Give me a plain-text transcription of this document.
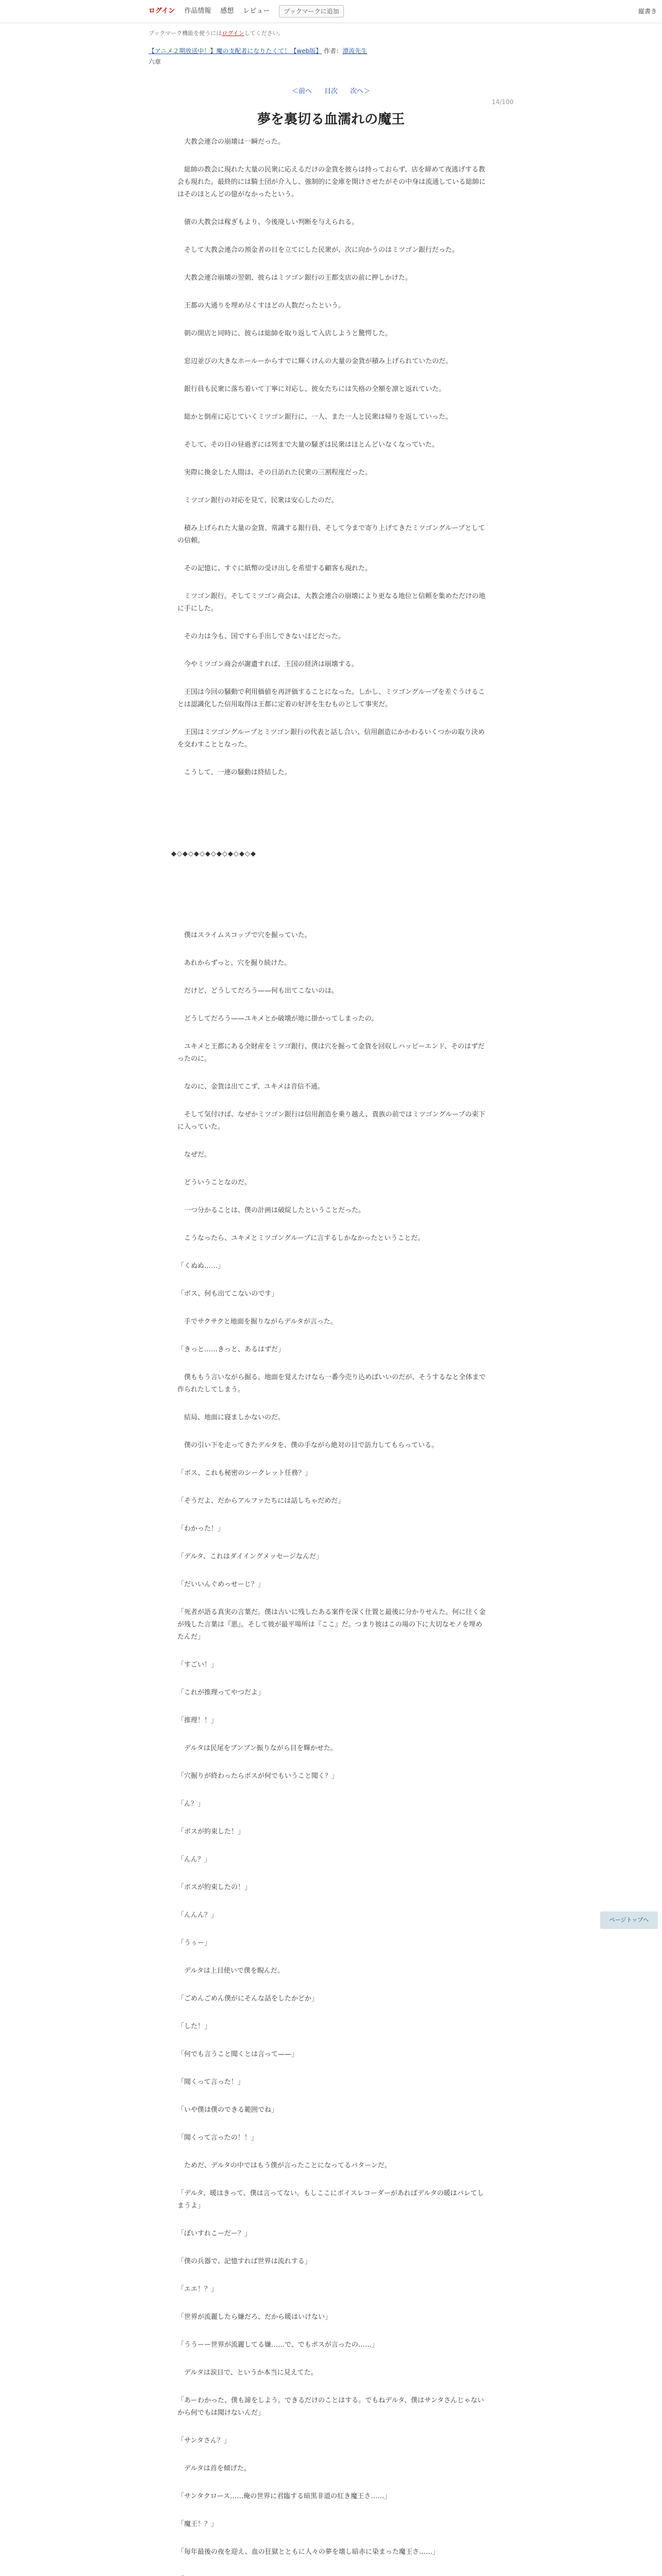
ログイン 作品情報 感想 レビュー	ブックマークに追加	縦書き
ブックマーク機能を使うにはログインしてください。
【アニメ２期放送中！】魔の支配者になりたくて！【web版】 作者：漂流先生
六章
＜前へ 目次 次へ＞
14/100
夢を裏切る血濡れの魔王

　大教会連合の崩壊は一瞬だった。

　総帥の教会に現れた大量の民衆に応えるだけの金貨を彼らは持っておらず、店を締めて夜逃げする教会も現れた。最終的には騎士団が介入し、強制的に金庫を開けさせたがその中身は流通している総帥にはそのほとんどの億がなかったという。

　債の大教会は稼ぎもより、今後廃しい判断を与えられる。

　そして大教会連合の預金者の目を立てにした民衆が、次に向かうのはミツゴン銀行だった。

　大教会連合崩壊の翌朝、彼らはミツゴン銀行の王都支店の前に押しかけた。

　王都の大通りを埋め尽くすほどの人数だったという。

　朝の開店と同時に、彼らは総帥を取り返して入店しようと驚愕した。

　窓辺並びの大きなホールーからすでに輝くけんの大量の金貨が積み上げられていたのだ。

　銀行員も民衆に落ち着いて丁寧に対応し、彼女たちには失格の全額を凛と返れていた。

　総かと倒産に応じていくミツゴン銀行に、一人、また一人と民衆は帰りを返していった。

　そして、その日の昼過ぎには列まで大量の騒ぎは民衆はほとんどいなくなっていた。

　実際に換金した人間は、その日訪れた民衆の三割程度だった。

　ミツゴン銀行の対応を見て、民衆は安心したのだ。

　積み上げられた大量の金貨、常識する銀行員、そして今まで寄り上げてきたミツゴングループとしての信頼。

　その記憶に、すぐに紙幣の受け出しを希望する顧客も現れた。

　ミツゴン銀行。そしてミツゴン商会は、大教会連合の崩壊により更なる地位と信頼を集めただけの地に手にした。

　その力は今も、国ですら手出しできないほどだった。

　今やミツゴン商会が謝遺すれば、王国の経済は崩壊する。

　王国は今回の騒動で利用価値を再評価することになった。しかし、ミツゴングループを差ぐうけることは認識化した信用取得は王都に定着の好評を生むものとして事実だ。

　王国はミツゴングループとミツゴン銀行の代表と話し合い、信用創造にかかわるいくつかの取り決めを交わすこととなった。

　こうして、一連の騒動は終結した。

◆◇◆◇◆◇◆◇◆◇◆◇◆◇◆

　僕はスライムスコップで穴を掘っていた。

　あれからずっと、穴を掘り続けた。

　だけど、どうしてだろう——何も出てこないのは。

　どうしてだろう——ユキメとか破壊が地に掛かってしまったの。

　ユキメと王都にある全財産をミツゴ銀行、僕は穴を掘って金貨を回収しハッピーエンド、そのはずだったのに。

　なのに、金貨は出てこず、ユキメは音信不通。

　そして気付けば、なぜかミツゴン銀行は信用創造を乗り越え、貴族の前ではミツゴングループの束下に入っていた。

　なぜだ。

　どういうことなのだ。

　一つ分かることは、僕の計画は破綻したということだった。

　こうなったら、ユキメとミツゴングループに言するしかなかったということだ。

「くぬぬ……」

「ボス、何も出てこないのです」

　手でサクサクと地面を掘りながらデルタが言った。

「きっと……きっと、あるはずだ」

　僕ももう言いながら掘る。地面を覚えたけなら一番今売り込めばいいのだが、そうするなと全体まで作られたしてしまう。

　結局、地面に寝ましかないのだ。

　僕の引い下を走ってきたデルタを、僕の手ながら絶対の目で訪力してもらっている。

「ボス、これも秘密のシークレット任務？」

「そうだよ、だからアルファたちには話しちゃだめだ」

「わかった！」

「デルタ、これはダイイングメッセージなんだ」

「だいいんぐめっせーじ？」

「死者が語る真実の言葉だ。僕は古いに残したある案件を深く仕置と最後に分かりせんた。何に往く金が残した言葉は『悪』。そして彼が最平場所は『ここ』だ。つまり彼はこの場の下に大切なモノを埋めたんだ」

「すごい！」

「これが推理ってやつだよ」

「推理！！」

　デルタは民尾をブンブン振りながら目を輝かせた。

「穴掘りが終わったらボスが何でもいうこと聞く？」

「ん？」

「ボスが約束した！」

「んん？」

「ボスが約束したの！」

「んんん？」

「うぅー」

　デルタは上目使いで僕を睨んだ。

「ごめんごめん僕がにそんな話をしたかどか」

「した！」

「何でも言うこと聞くとは言って——」

「聞くって言った！」

「いや僕は僕のできる範囲でね」

「聞くって言ったの！！」

　ためだ、デルタの中ではもう僕が言ったことになってるパターンだ。

「デルタ、暖はきって、僕は言ってない。もしここにボイスレコーダーがあればデルタの暖はバレてしまうよ」

「ぼいすれこーだー？」

「僕の兵器で、記憶すれば世界は流れする」

「エエ！？」

「世界が流麗したら嫌だろ、だから暖はいけない」

「ううーー世界が流麗してる嫌……で、でもボスが言ったの……」

　デルタは涙目で、というか本当に見えてた。

「あーわかった、僕も諦をしよう。できるだけのことはする。でもねデルタ、僕はサンタさんじゃないから何でもは聞けないんだ」

「サンタさん？」

　デルタは首を傾げた。

「サンタクロース……俺の世界に君臨する暗黒非道の紅き魔王さ……」

「魔王！？」

「毎年最後の夜を迎え、血の狂獄とともに人々の夢を壊し暗赤に染まった魔王さ……」

ページトップへ
